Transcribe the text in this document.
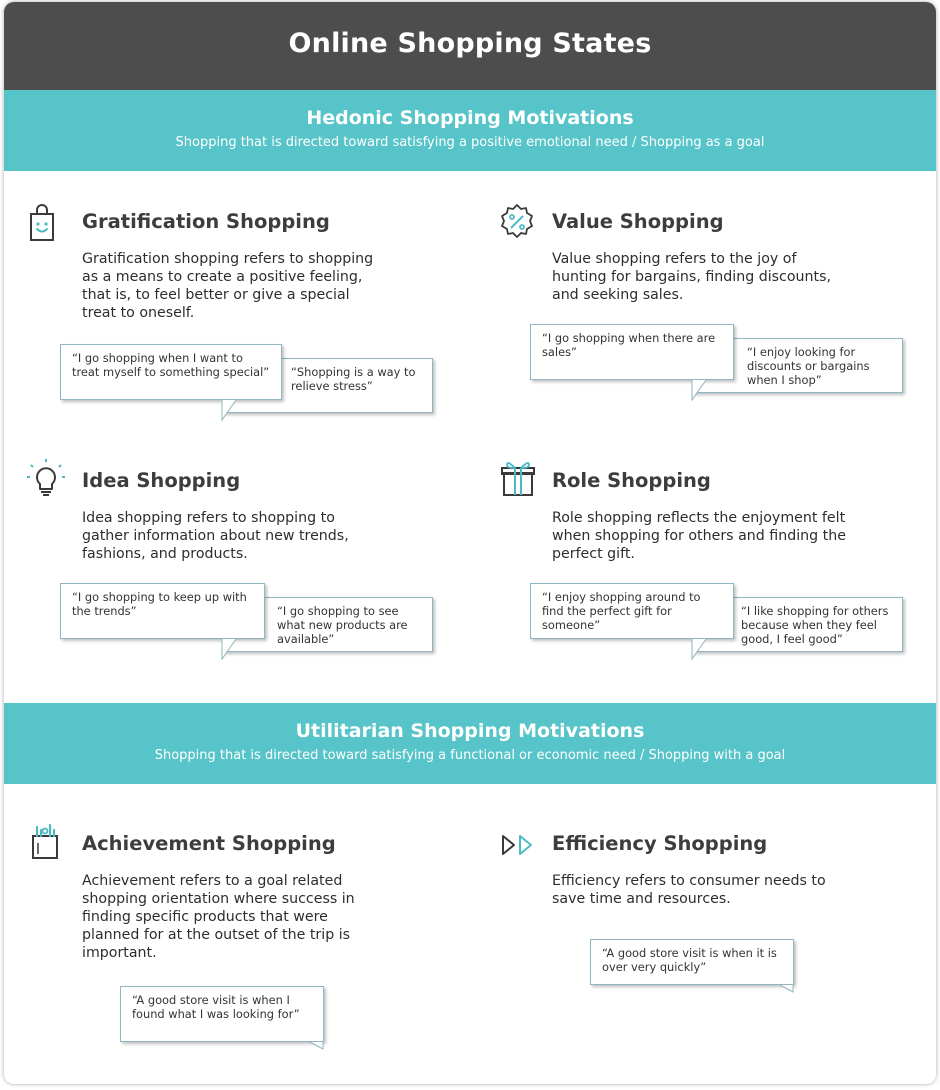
Online Shopping States
Hedonic Shopping Motivations
Shopping that is directed toward satisfying a positive emotional need / Shopping as a goal
Gratification Shopping
Gratification shopping refers to shopping as a means to create a positive feeling, that is, to feel better or give a special treat to oneself.
“Shopping is a way to relieve stress”
“I go shopping when I want to treat myself to something special”
Value Shopping
Value shopping refers to the joy of hunting for bargains, finding discounts, and seeking sales.
“I enjoy looking for discounts or bargains when I shop”
“I go shopping when there are sales”
Idea Shopping
Idea shopping refers to shopping to gather information about new trends, fashions, and products.
“I go shopping to see what new products are available”
“I go shopping to keep up with the trends”
Role Shopping
Role shopping reflects the enjoyment felt when shopping for others and finding the perfect gift.
“I like shopping for others because when they feel good, I feel good”
“I enjoy shopping around to find the perfect gift for someone”
Utilitarian Shopping Motivations
Shopping that is directed toward satisfying a functional or economic need / Shopping with a goal
Achievement Shopping
Achievement refers to a goal related shopping orientation where success in finding specific products that were planned for at the outset of the trip is important.
“A good store visit is when I found what I was looking for”
Efficiency Shopping
Efficiency refers to consumer needs to save time and resources.
“A good store visit is when it is over very quickly”
